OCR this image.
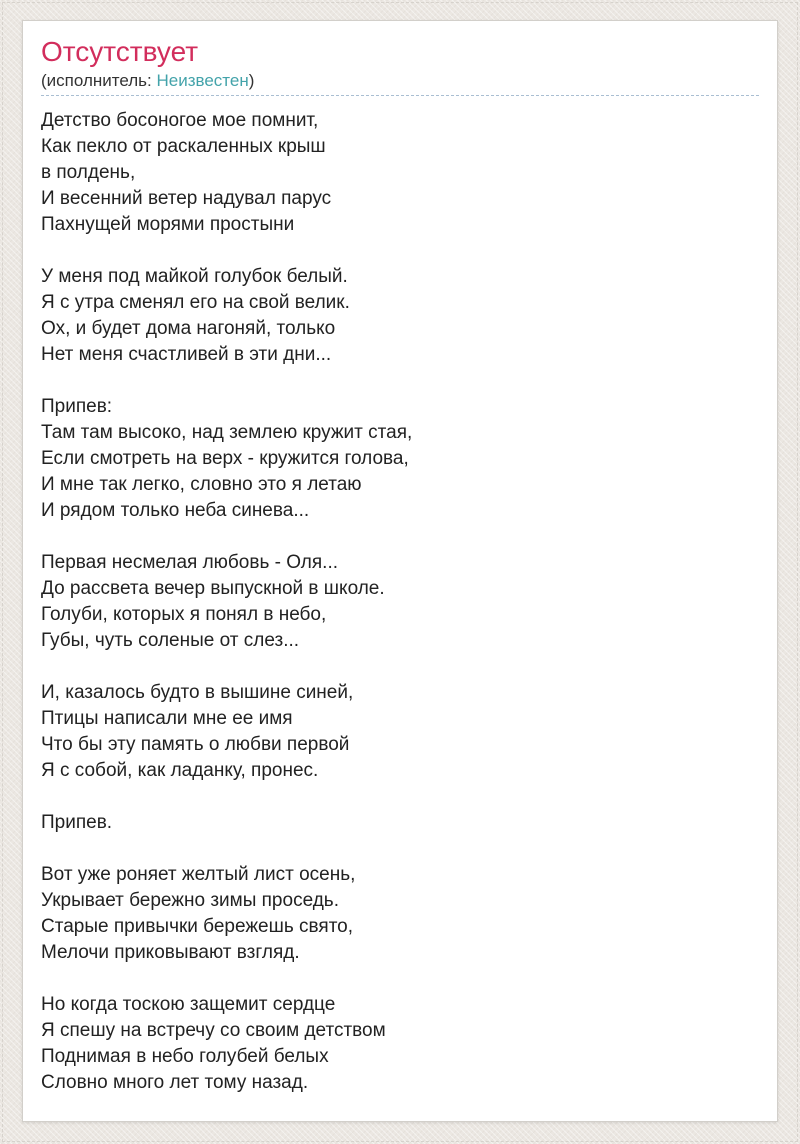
Отсутствует
(исполнитель: Неизвестен)
Детство босоногое мое помнит,
Как пекло от раскаленных крыш
в полдень,
И весенний ветер надувал парус
Пахнущей морями простыни
У меня под майкой голубок белый.
Я с утра сменял его на свой велик.
Ох, и будет дома нагоняй, только
Нет меня счастливей в эти дни...
Припев:
Там там высоко, над землею кружит стая,
Если смотреть на верх - кружится голова,
И мне так легко, словно это я летаю
И рядом только неба синева...
Первая несмелая любовь - Оля...
До рассвета вечер выпускной в школе.
Голуби, которых я понял в небо,
Губы, чуть соленые от слез...
И, казалось будто в вышине синей,
Птицы написали мне ее имя
Что бы эту память о любви первой
Я с собой, как ладанку, пронес.
Припев.
Вот уже роняет желтый лист осень,
Укрывает бережно зимы проседь.
Старые привычки бережешь свято,
Мелочи приковывают взгляд.
Но когда тоскою защемит сердце
Я спешу на встречу со своим детством
Поднимая в небо голубей белых
Словно много лет тому назад.
